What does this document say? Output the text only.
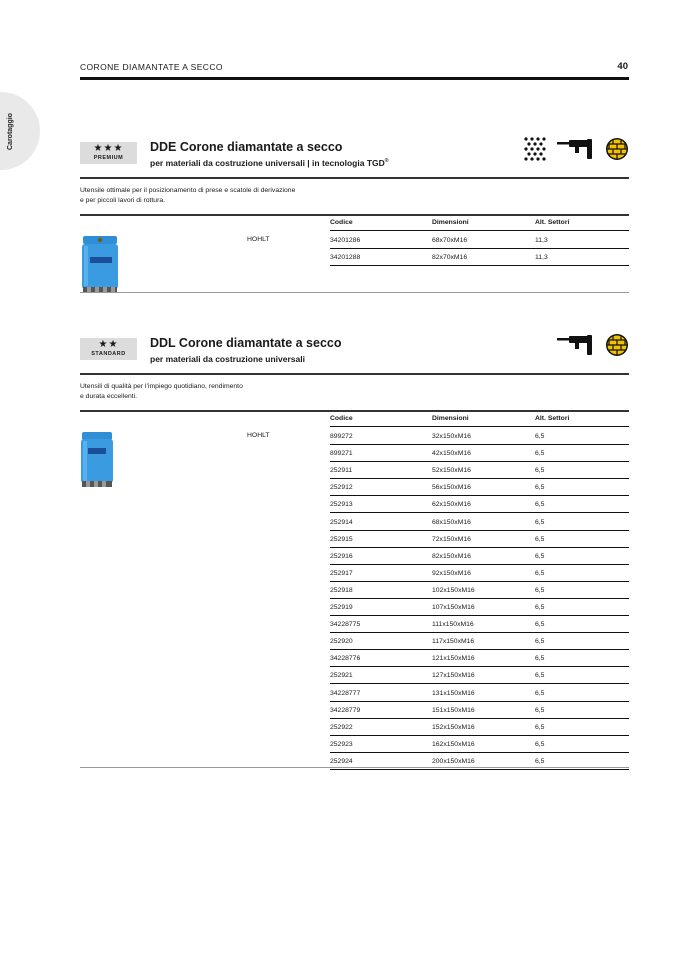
Carotaggio
CORONE DIAMANTATE A SECCO	40
★★★
PREMIUM
DDE Corone diamantate a secco
per materiali da costruzione universali | in tecnologia TGD®
Utensile ottimale per il posizionamento di prese e scatole di derivazione
e per piccoli lavori di rottura.
Codice	Dimensioni	Alt. Settori
HOHLT	34201286	68x70xM16	11,3
34201288	82x70xM16	11,3
★★
STANDARD
DDL Corone diamantate a secco
per materiali da costruzione universali
Utensili di qualità per l’impiego quotidiano, rendimento
e durata eccellenti.
Codice	Dimensioni	Alt. Settori
HOHLT	899272	32x150xM16	6,5
899271	42x150xM16	6,5
252911	52x150xM16	6,5
252912	56x150xM16	6,5
252913	62x150xM16	6,5
252914	68x150xM16	6,5
252915	72x150xM16	6,5
252916	82x150xM16	6,5
252917	92x150xM16	6,5
252918	102x150xM16	6,5
252919	107x150xM16	6,5
34228775	111x150xM16	6,5
252920	117x150xM16	6,5
34228776	121x150xM16	6,5
252921	127x150xM16	6,5
34228777	131x150xM16	6,5
34228779	151x150xM16	6,5
252922	152x150xM16	6,5
252923	162x150xM16	6,5
252924	200x150xM16	6,5
